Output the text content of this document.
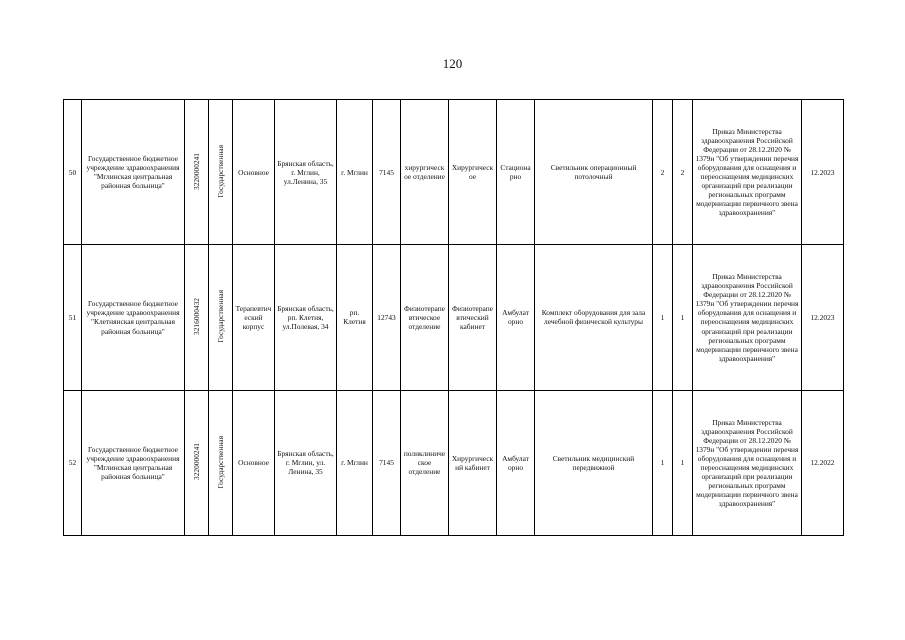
120
50	Государственное бюджетное учреждение здравоохранения "Мглинская центральная районная больница"	3220000241	Государственная	Основное	Брянская область, г. Мглин, ул.Ленина, 35	г. Мглин	7145	хирургическ ое отделение	Хирургическ ое	Стациона рно	Светильник операционный потолочный	2	2	Приказ Министерства здравоохранения Российской Федерации от 28.12.2020 № 1379н "Об утверждении перечня оборудования для оснащения и переоснащения медицинских организаций при реализации региональных программ модернизации первичного звена здравоохранения"	12.2023
51	Государственное бюджетное учреждение здравоохранения "Клетнянская центральная районная больница"	3216000432	Государственная	Терапевтич еский корпус	Брянская область, рп. Клетня, ул.Полевая, 34	рп. Клетня	12743	Физиотерапе втическое отделение	Физиотерапе втический кабинет	Амбулат орно	Комплект оборудования для зала лечебной физической культуры	1	1	Приказ Министерства здравоохранения Российской Федерации от 28.12.2020 № 1379н "Об утверждении перечня оборудования для оснащения и переоснащения медицинских организаций при реализации региональных программ модернизации первичного звена здравоохранения"	12.2023
52	Государственное бюджетное учреждение здравоохранения "Мглинская центральная районная больница"	3220000241	Государственная	Основное	Брянская область, г. Мглин, ул. Ленина, 35	г. Мглин	7145	поликлиниче ское отделение	Хирургическ ий кабинет	Амбулат орно	Светильник медицинский передвижной	1	1	Приказ Министерства здравоохранения Российской Федерации от 28.12.2020 № 1379н "Об утверждении перечня оборудования для оснащения и переоснащения медицинских организаций при реализации региональных программ модернизации первичного звена здравоохранения"	12.2022
